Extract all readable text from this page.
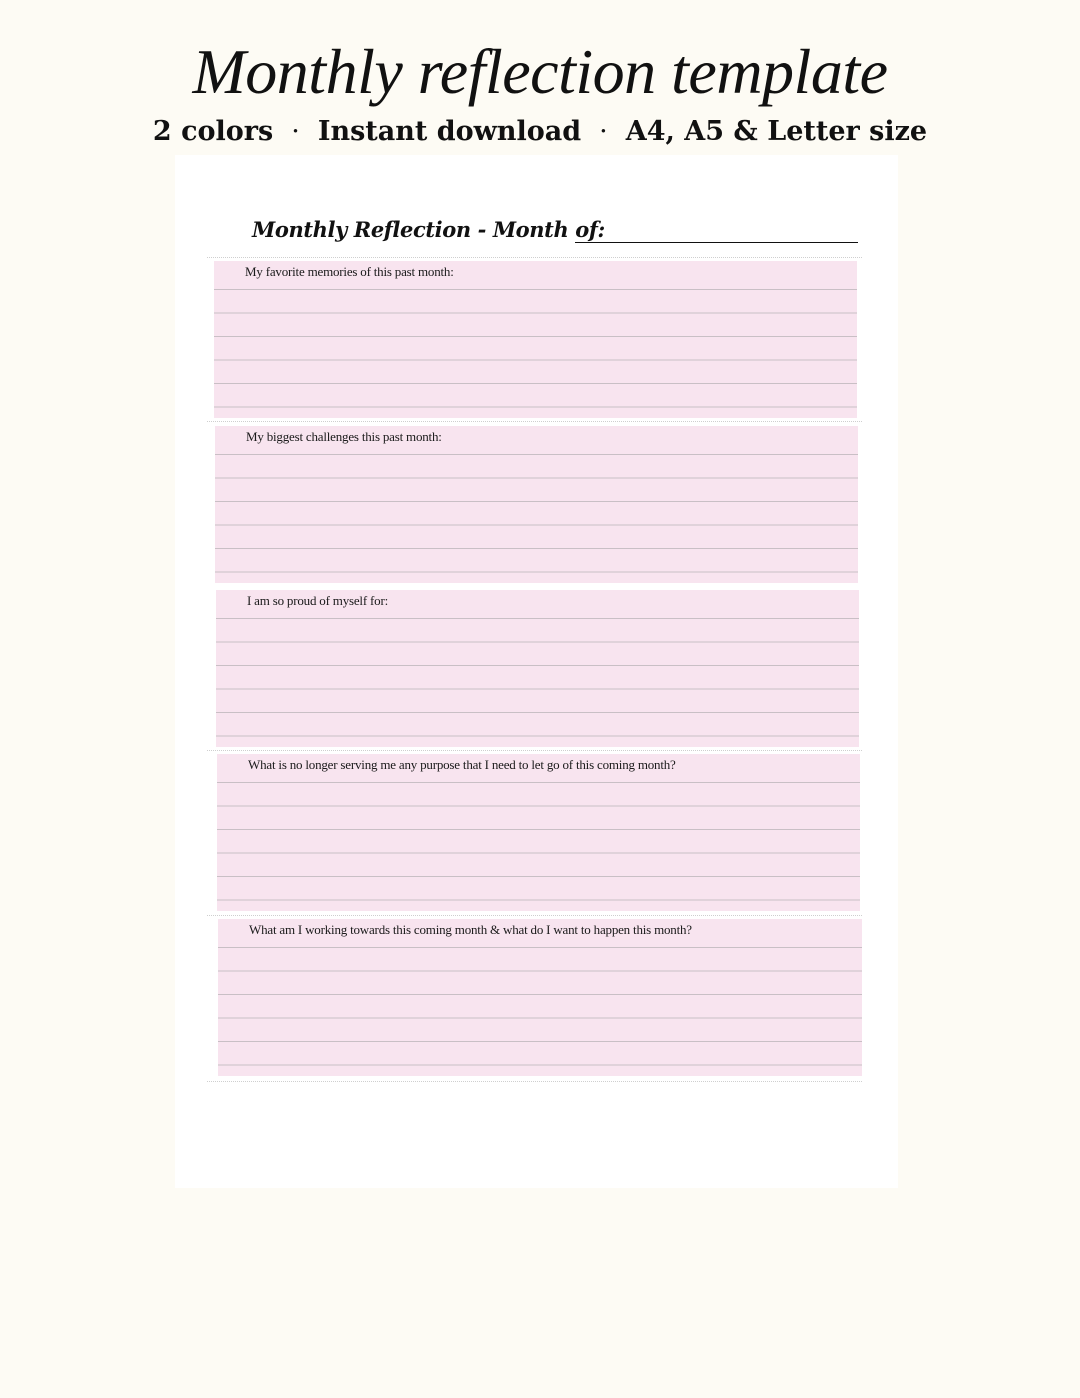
Monthly reflection template
2 colors · Instant download · A4, A5 & Letter size
Monthly Reflection - Month of:
My favorite memories of this past month:
My biggest challenges this past month:
I am so proud of myself for:
What is no longer serving me any purpose that I need to let go of this coming month?
What am I working towards this coming month & what do I want to happen this month?
